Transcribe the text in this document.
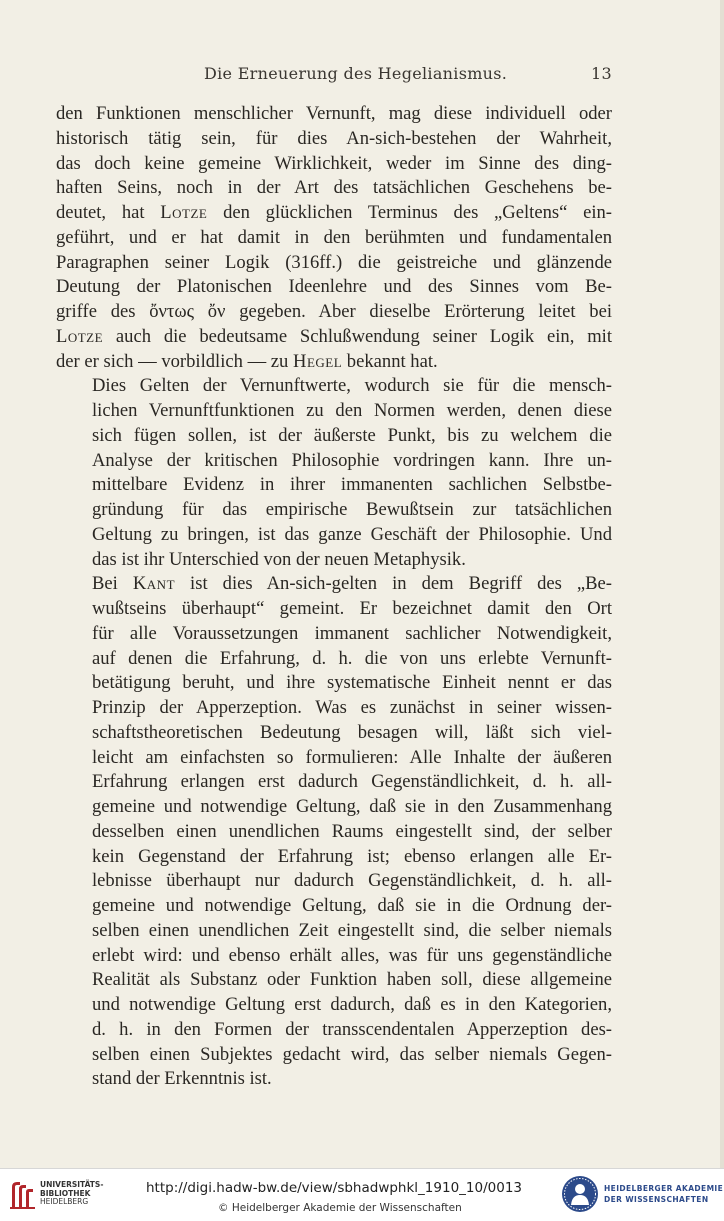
Die Erneuerung des Hegelianismus.	13

den Funktionen menschlicher Vernunft, mag diese individuell oder
historisch tätig sein, für dies An-sich-bestehen der Wahrheit,
das doch keine gemeine Wirklichkeit, weder im Sinne des ding-
haften Seins, noch in der Art des tatsächlichen Geschehens be-
deutet, hat Lotze den glücklichen Terminus des „Geltens“ ein-
geführt, und er hat damit in den berühmten und fundamentalen
Paragraphen seiner Logik (316ff.) die geistreiche und glänzende
Deutung der Platonischen Ideenlehre und des Sinnes vom Be-
griffe des ὄντως ὄν gegeben. Aber dieselbe Erörterung leitet bei
Lotze auch die bedeutsame Schlußwendung seiner Logik ein, mit
der er sich — vorbildlich — zu Hegel bekannt hat.

Dies Gelten der Vernunftwerte, wodurch sie für die mensch-
lichen Vernunftfunktionen zu den Normen werden, denen diese
sich fügen sollen, ist der äußerste Punkt, bis zu welchem die
Analyse der kritischen Philosophie vordringen kann. Ihre un-
mittelbare Evidenz in ihrer immanenten sachlichen Selbstbe-
gründung für das empirische Bewußtsein zur tatsächlichen
Geltung zu bringen, ist das ganze Geschäft der Philosophie. Und
das ist ihr Unterschied von der neuen Metaphysik.

Bei Kant ist dies An-sich-gelten in dem Begriff des „Be-
wußtseins überhaupt“ gemeint. Er bezeichnet damit den Ort
für alle Voraussetzungen immanent sachlicher Notwendigkeit,
auf denen die Erfahrung, d. h. die von uns erlebte Vernunft-
betätigung beruht, und ihre systematische Einheit nennt er das
Prinzip der Apperzeption. Was es zunächst in seiner wissen-
schaftstheoretischen Bedeutung besagen will, läßt sich viel-
leicht am einfachsten so formulieren: Alle Inhalte der äußeren
Erfahrung erlangen erst dadurch Gegenständlichkeit, d. h. all-
gemeine und notwendige Geltung, daß sie in den Zusammenhang
desselben einen unendlichen Raums eingestellt sind, der selber
kein Gegenstand der Erfahrung ist; ebenso erlangen alle Er-
lebnisse überhaupt nur dadurch Gegenständlichkeit, d. h. all-
gemeine und notwendige Geltung, daß sie in die Ordnung der-
selben einen unendlichen Zeit eingestellt sind, die selber niemals
erlebt wird: und ebenso erhält alles, was für uns gegenständliche
Realität als Substanz oder Funktion haben soll, diese allgemeine
und notwendige Geltung erst dadurch, daß es in den Kategorien,
d. h. in den Formen der transscendentalen Apperzeption des-
selben einen Subjektes gedacht wird, das selber niemals Gegen-
stand der Erkenntnis ist.

UNIVERSITÄTS-
BIBLIOTHEK
HEIDELBERG
http://digi.hadw-bw.de/view/sbhadwphkl_1910_10/0013
© Heidelberger Akademie der Wissenschaften
HEIDELBERGER AKADEMIE
DER WISSENSCHAFTEN
